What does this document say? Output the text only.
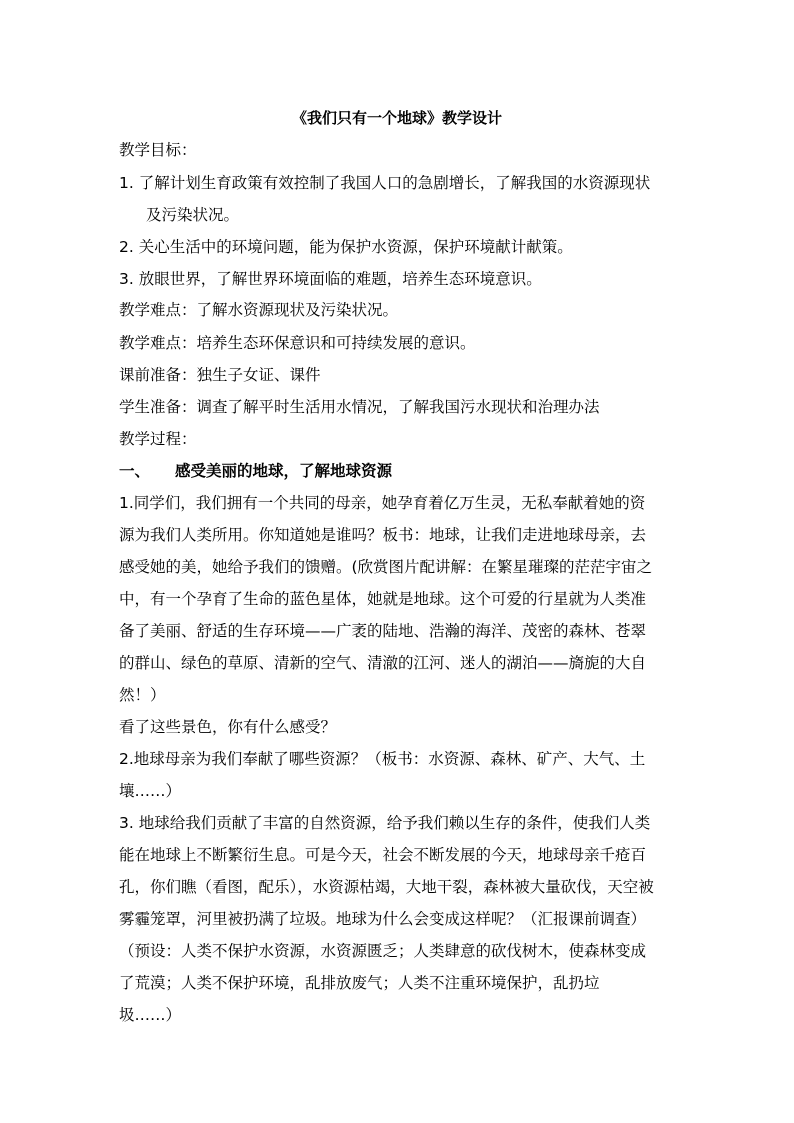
《我们只有一个地球》教学设计
教学目标：
1. 了解计划生育政策有效控制了我国人口的急剧增长，了解我国的水资源现状
及污染状况。
2. 关心生活中的环境问题，能为保护水资源，保护环境献计献策。
3. 放眼世界，了解世界环境面临的难题，培养生态环境意识。
教学难点：了解水资源现状及污染状况。
教学难点：培养生态环保意识和可持续发展的意识。
课前准备：独生子女证、课件
学生准备：调查了解平时生活用水情况，了解我国污水现状和治理办法
教学过程：
一、 感受美丽的地球，了解地球资源
1.同学们，我们拥有一个共同的母亲，她孕育着亿万生灵，无私奉献着她的资
源为我们人类所用。你知道她是谁吗？板书：地球，让我们走进地球母亲，去
感受她的美，她给予我们的馈赠。(欣赏图片配讲解：在繁星璀璨的茫茫宇宙之
中，有一个孕育了生命的蓝色星体，她就是地球。这个可爱的行星就为人类准
备了美丽、舒适的生存环境——广袤的陆地、浩瀚的海洋、茂密的森林、苍翠
的群山、绿色的草原、清新的空气、清澈的江河、迷人的湖泊——旖旎的大自
然！）
看了这些景色，你有什么感受？
2.地球母亲为我们奉献了哪些资源？（板书：水资源、森林、矿产、大气、土
壤……）
3. 地球给我们贡献了丰富的自然资源，给予我们赖以生存的条件，使我们人类
能在地球上不断繁衍生息。可是今天，社会不断发展的今天，地球母亲千疮百
孔，你们瞧（看图，配乐），水资源枯竭，大地干裂，森林被大量砍伐，天空被
雾霾笼罩，河里被扔满了垃圾。地球为什么会变成这样呢？（汇报课前调查）
（预设：人类不保护水资源，水资源匮乏；人类肆意的砍伐树木，使森林变成
了荒漠；人类不保护环境，乱排放废气；人类不注重环境保护，乱扔垃
圾……）
